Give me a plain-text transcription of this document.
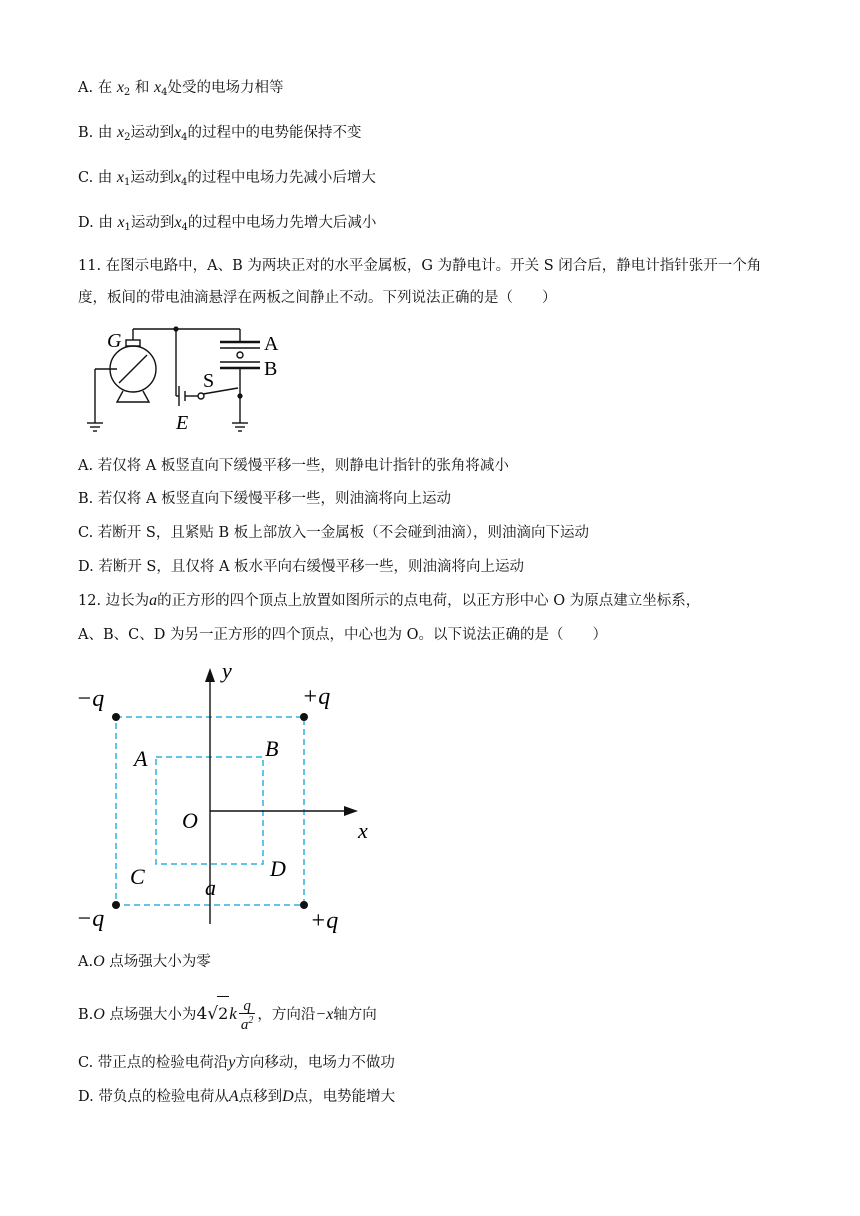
A. 在 $x_2$ 和 $x_4$处受的电场力相等
B. 由 $x_2$运动到$x_4$的过程中的电势能保持不变
C. 由 $x_1$运动到$x_4$的过程中电场力先减小后增大
D. 由 $x_1$运动到$x_4$的过程中电场力先增大后减小
11. 在图示电路中，A、B 为两块正对的水平金属板，G 为静电计。开关 S 闭合后，静电计指针张开一个角
度，板间的带电油滴悬浮在两板之间静止不动。下列说法正确的是（　　）
G	A
B
S
E
A. 若仅将 A 板竖直向下缓慢平移一些，则静电计指针的张角将减小
B. 若仅将 A 板竖直向下缓慢平移一些，则油滴将向上运动
C. 若断开 S，且紧贴 B 板上部放入一金属板（不会碰到油滴），则油滴向下运动
D. 若断开 S，且仅将 A 板水平向右缓慢平移一些，则油滴将向上运动
12. 边长为a的正方形的四个顶点上放置如图所示的点电荷，以正方形中心 O 为原点建立坐标系，
A、B、C、D 为另一正方形的四个顶点，中心也为 O。以下说法正确的是（　　）
y
x
O
a
A	B
C	D
−q	+q
−q	+q
A.O 点场强大小为零
B.O 点场强大小为$4√2k \frac{q}{a^2}$ ，方向沿−x轴方向
C. 带正点的检验电荷沿y方向移动，电场力不做功
D. 带负点的检验电荷从A点移到D点，电势能增大
